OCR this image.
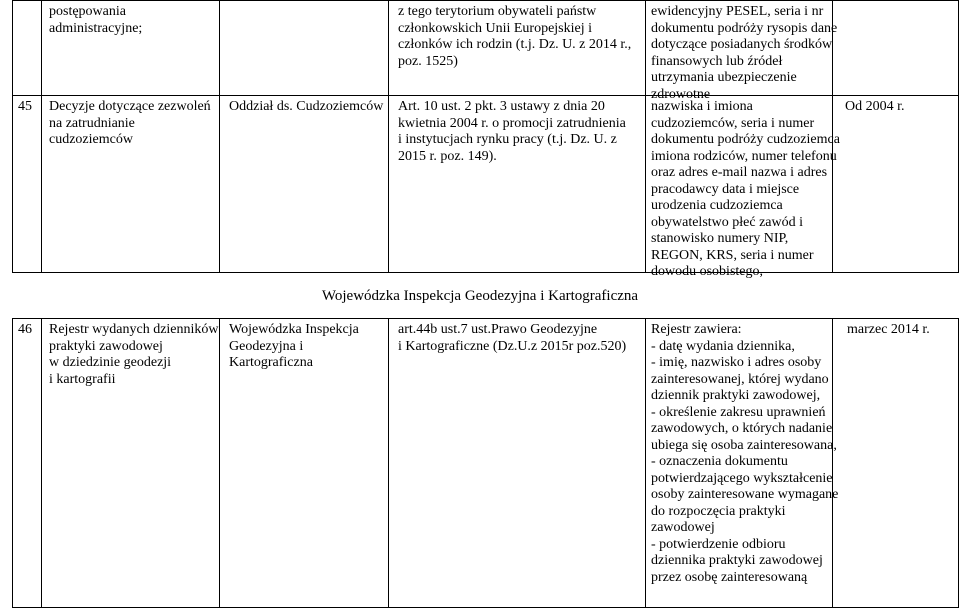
postępowania
administracyjne;
z tego terytorium obywateli państw
członkowskich Unii Europejskiej i
członków ich rodzin (t.j. Dz. U. z 2014 r.,
poz. 1525)
ewidencyjny PESEL, seria i nr
dokumentu podróży rysopis dane
dotyczące posiadanych środków
finansowych lub źródeł
utrzymania ubezpieczenie
zdrowotne
45 Decyzje dotyczące zezwoleń
na zatrudnianie
cudzoziemców
Oddział ds. Cudzoziemców Art. 10 ust. 2 pkt. 3 ustawy z dnia 20
kwietnia 2004 r. o promocji zatrudnienia
i instytucjach rynku pracy (t.j. Dz. U. z
2015 r. poz. 149).
nazwiska i imiona
cudzoziemców, seria i numer
dokumentu podróży cudzoziemca
imiona rodziców, numer telefonu
oraz adres e-mail nazwa i adres
pracodawcy data i miejsce
urodzenia cudzoziemca
obywatelstwo płeć zawód i
stanowisko numery NIP,
REGON, KRS, seria i numer
dowodu osobistego,
Od 2004 r.
Wojewódzka Inspekcja Geodezyjna i Kartograficzna
46 Rejestr wydanych dzienników
praktyki zawodowej
w dziedzinie geodezji
i kartografii
Wojewódzka Inspekcja
Geodezyjna i
Kartograficzna
art.44b ust.7 ust.Prawo Geodezyjne
i Kartograficzne (Dz.U.z 2015r poz.520)
Rejestr zawiera:
- datę wydania dziennika,
- imię, nazwisko i adres osoby
zainteresowanej, której wydano
dziennik praktyki zawodowej,
- określenie zakresu uprawnień
zawodowych, o których nadanie
ubiega się osoba zainteresowana,
- oznaczenia dokumentu
potwierdzającego wykształcenie
osoby zainteresowane wymagane
do rozpoczęcia praktyki
zawodowej
- potwierdzenie odbioru
dziennika praktyki zawodowej
przez osobę zainteresowaną
marzec 2014 r.
